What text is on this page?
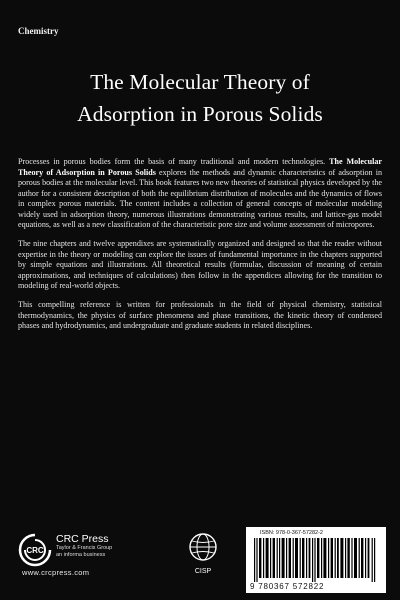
Chemistry
The Molecular Theory of
Adsorption in Porous Solids

Processes in porous bodies form the basis of many traditional and modern technologies. The Molecular Theory of Adsorption in Porous Solids explores the methods and dynamic characteristics of adsorption in porous bodies at the molecular level. This book features two new theories of statistical physics developed by the author for a consistent description of both the equilibrium distribution of molecules and the dynamics of flows in complex porous materials. The content includes a collection of general concepts of molecular modeling widely used in adsorption theory, numerous illustrations demonstrating various results, and lattice-gas model equations, as well as a new classification of the characteristic pore size and volume assessment of micropores.

The nine chapters and twelve appendixes are systematically organized and designed so that the reader without expertise in the theory or modeling can explore the issues of fundamental importance in the chapters supported by simple equations and illustrations. All theoretical results (formulas, discussion of meaning of certain approximations, and techniques of calculations) then follow in the appendices allowing for the transition to modeling of real-world objects.

This compelling reference is written for professionals in the field of physical chemistry, statistical thermodynamics, the physics of surface phenomena and phase transitions, the kinetic theory of condensed phases and hydrodynamics, and undergraduate and graduate students in related disciplines.

CRC
CRC Press
Taylor & Francis Group
an informa business
www.crcpress.com	CISP
ISBN: 978-0-367-57282-2
9 780367 572822
